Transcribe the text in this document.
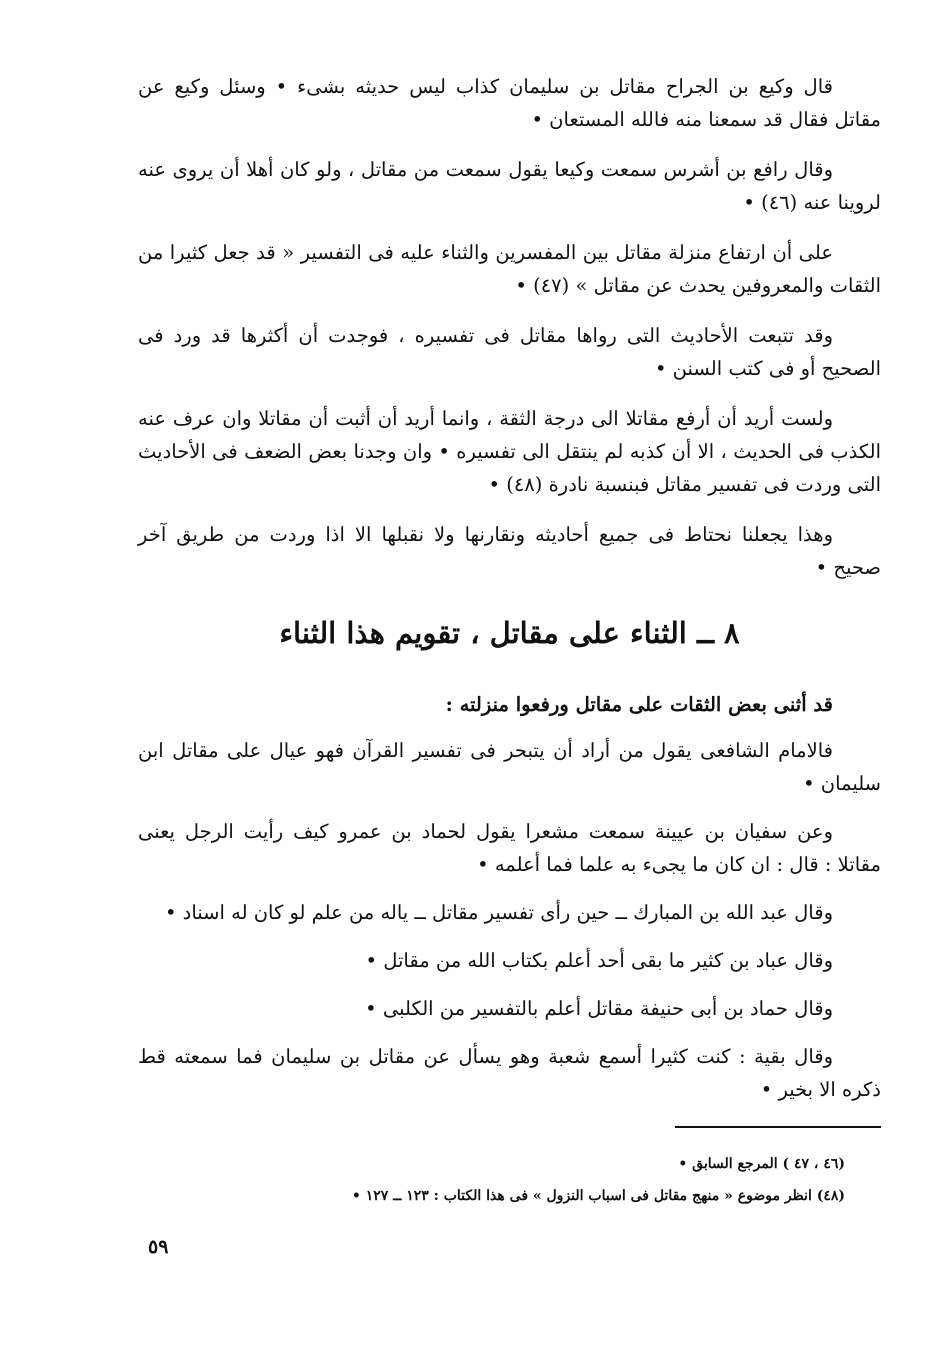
قال وكيع بن الجراح مقاتل بن سليمان كذاب ليس حديثه بشىء • وسئل وكيع عن مقاتل فقال قد سمعنا منه فالله المستعان •

وقال رافع بن أشرس سمعت وكيعا يقول سمعت من مقاتل ، ولو كان أهلا أن يروى عنه لروينا عنه (٤٦) •

على أن ارتفاع منزلة مقاتل بين المفسرين والثناء عليه فى التفسير « قد جعل كثيرا من الثقات والمعروفين يحدث عن مقاتل » (٤٧) •

وقد تتبعت الأحاديث التى رواها مقاتل فى تفسيره ، فوجدت أن أكثرها قد ورد فى الصحيح أو فى كتب السنن •

ولست أريد أن أرفع مقاتلا الى درجة الثقة ، وانما أريد أن أثبت أن مقاتلا وان عرف عنه الكذب فى الحديث ، الا أن كذبه لم ينتقل الى تفسيره • وان وجدنا بعض الضعف فى الأحاديث التى وردت فى تفسير مقاتل فبنسبة نادرة (٤٨) •

وهذا يجعلنا نحتاط فى جميع أحاديثه ونقارنها ولا نقبلها الا اذا وردت من طريق آخر صحيح •

٨ ــ الثناء على مقاتل ، تقويم هذا الثناء

قد أثنى بعض الثقات على مقاتل ورفعوا منزلته :

فالامام الشافعى يقول من أراد أن يتبحر فى تفسير القرآن فهو عيال على مقاتل ابن سليمان •

وعن سفيان بن عيينة سمعت مشعرا يقول لحماد بن عمرو كيف رأيت الرجل يعنى مقاتلا : قال : ان كان ما يجىء به علما فما أعلمه •

وقال عبد الله بن المبارك ــ حين رأى تفسير مقاتل ــ ياله من علم لو كان له اسناد •

وقال عباد بن كثير ما بقى أحد أعلم بكتاب الله من مقاتل •

وقال حماد بن أبى حنيفة مقاتل أعلم بالتفسير من الكلبى •

وقال بقية : كنت كثيرا أسمع شعبة وهو يسأل عن مقاتل بن سليمان فما سمعته قط ذكره الا بخير •

(٤٦ ، ٤٧ ) المرجع السابق •

(٤٨) انظر موضوع « منهج مقاتل فى اسباب النزول » فى هذا الكتاب : ١٢٣ ــ ١٢٧ •

٥٩
